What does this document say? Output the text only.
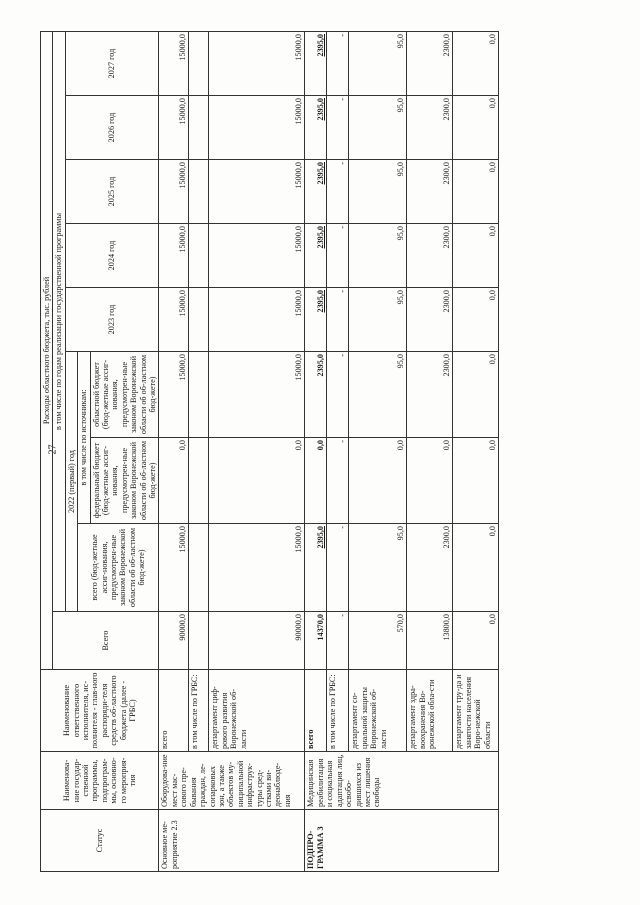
27
Статус	Наименова-ние государ-ственной программы, подпрограм-мы, основно-го мероприя-тия	Наименование ответственного исполнителя, ис-полнителя - глав-ного распоряди-теля средств об-ластного бюджета (далее - ГРБС)	Расходы областного бюджета, тыс. рублей								
			Всего	в том числе по годам реализации государственной программы							
				2022 (первый) год			2023 год	2024 год	2025 год	2026 год	2027 год
				всего (бюд-жетные ассиг-нования, предусмотрен-ные законом Воронежской области об об-ластном бюд-жете)	в том числе по источникам:						
					федеральный бюджет (бюд-жетные ассиг-нования, предусмотрен-ные законом Воронежской области об об-ластном бюд-жете)	областной бюджет (бюд-жетные ассиг-нования, предусмотрен-ные законом Воронежской области об об-ластном бюд-жете)					
Основное ме-роприятие 2.3	Оборудова-ние мест мас-сового пре-бывания граждан, ле-сопарковых зон, а также объектов му-ниципальной инфраструк-туры сред-ствами ви-деонаблюде-ния	всего	90000,0	15000,0	0,0	15000,0	15000,0	15000,0	15000,0	15000,0	15000,0
		в том числе по ГРБС:									
		департамент циф-рового развития Воронежской об-ласти	90000,0	15000,0	0,0	15000,0	15000,0	15000,0	15000,0	15000,0	15000,0
ПОДПРО-ГРАММА 3	Медицинская реабилитация и социальная адаптация лиц, освобо-дившихся из мест лишения свободы	всего	14370,0	2395,0	0,0	2395,0	2395,0	2395,0	2395,0	2395,0	2395,0
		в том числе по ГРБС:	-	-	-	-	-	-	-	-	-
		департамент со-циальной защиты Воронежской об-ласти	570,0	95,0	0,0	95,0	95,0	95,0	95,0	95,0	95,0
		департамент здра-воохранения Во-ронежской обла-сти	13800,0	2300,0	0,0	2300,0	2300,0	2300,0	2300,0	2300,0	2300,0
		департамент тру-да и занятости населения Воро-нежской области	0,0	0,0	0,0	0,0	0,0	0,0	0,0	0,0	0,0
